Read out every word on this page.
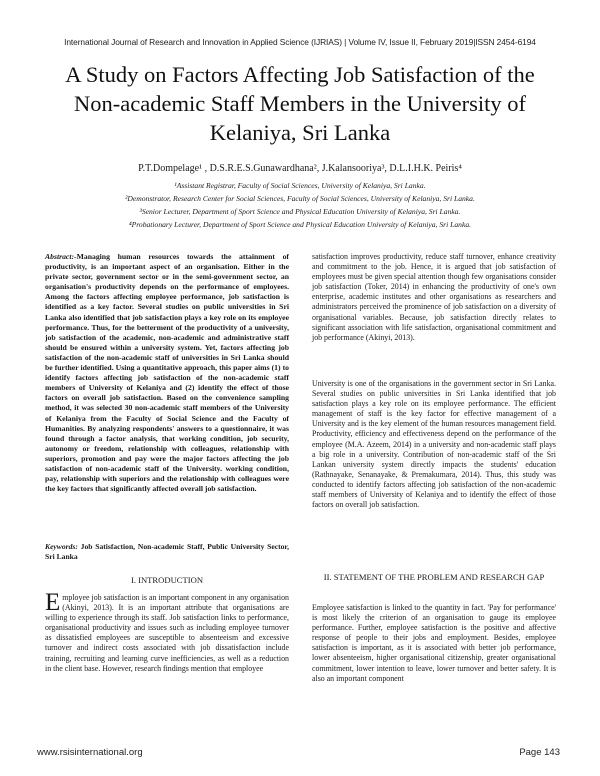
International Journal of Research and Innovation in Applied Science (IJRIAS) | Volume IV, Issue II, February 2019|ISSN 2454-6194
A Study on Factors Affecting Job Satisfaction of the Non-academic Staff Members in the University of Kelaniya, Sri Lanka
P.T.Dompelage¹ , D.S.R.E.S.Gunawardhana², J.Kalansooriya³, D.L.I.H.K. Peiris⁴
¹Assistant Registrar, Faculty of Social Sciences, University of Kelaniya, Sri Lanka.
²Demonstrator, Research Center for Social Sciences, Faculty of Social Sciences, University of Kelaniya, Sri Lanka.
³Senior Lecturer, Department of Sport Science and Physical Education University of Kelaniya, Sri Lanka.
⁴Probationary Lecturer, Department of Sport Science and Physical Education University of Kelaniya, Sri Lanka.

Abstract:-Managing human resources towards the attainment of productivity, is an important aspect of an organisation. Either in the private sector, government sector or in the semi-government sector, an organisation's productivity depends on the performance of employees. Among the factors affecting employee performance, job satisfaction is identified as a key factor. Several studies on public universities in Sri Lanka also identified that job satisfaction plays a key role on its employee performance. Thus, for the betterment of the productivity of a university, job satisfaction of the academic, non-academic and administrative staff should be ensured within a university system. Yet, factors affecting job satisfaction of the non-academic staff of universities in Sri Lanka should be further identified. Using a quantitative approach, this paper aims (1) to identify factors affecting job satisfaction of the non-academic staff members of University of Kelaniya and (2) identify the effect of those factors on overall job satisfaction. Based on the convenience sampling method, it was selected 30 non-academic staff members of the University of Kelaniya from the Faculty of Social Science and the Faculty of Humanities. By analyzing respondents' answers to a questionnaire, it was found through a factor analysis, that working condition, job security, autonomy or freedom, relationship with colleagues, relationship with superiors, promotion and pay were the major factors affecting the job satisfaction of non-academic staff of the University. working condition, pay, relationship with superiors and the relationship with colleagues were the key factors that significantly affected overall job satisfaction.

Keywords: Job Satisfaction, Non-academic Staff, Public University Sector, Sri Lanka

I. INTRODUCTION

Employee job satisfaction is an important component in any organisation (Akinyi, 2013). It is an important attribute that organisations are willing to experience through its staff. Job satisfaction links to performance, organisational productivity and issues such as including employee turnover as dissatisfied employees are susceptible to absenteeism and excessive turnover and indirect costs associated with job dissatisfaction include training, recruiting and learning curve inefficiencies, as well as a reduction in the client base. However, research findings mention that employee

satisfaction improves productivity, reduce staff turnover, enhance creativity and commitment to the job. Hence, it is argued that job satisfaction of employees must be given special attention though few organisations consider job satisfaction (Toker, 2014) in enhancing the productivity of one's own enterprise, academic institutes and other organisations as researchers and administrators perceived the prominence of job satisfaction on a diversity of organisational variables. Because, job satisfaction directly relates to significant association with life satisfaction, organisational commitment and job performance (Akinyi, 2013).
University is one of the organisations in the government sector in Sri Lanka. Several studies on public universities in Sri Lanka identified that job satisfaction plays a key role on its employee performance. The efficient management of staff is the key factor for effective management of a University and is the key element of the human resources management field. Productivity, efficiency and effectiveness depend on the performance of the employee (M.A. Azeem, 2014) in a university and non-academic staff plays a big role in a university. Contribution of non-academic staff of the Sri Lankan university system directly impacts the students' education (Rathnayake, Senanayake, & Premakumara, 2014). Thus, this study was conducted to identify factors affecting job satisfaction of the non-academic staff members of University of Kelaniya and to identify the effect of those factors on overall job satisfaction.
II. STATEMENT OF THE PROBLEM AND RESEARCH GAP
Employee satisfaction is linked to the quantity in fact. 'Pay for performance' is most likely the criterion of an organisation to gauge its employee performance. Further, employee satisfaction is the positive and affective response of people to their jobs and employment. Besides, employee satisfaction is important, as it is associated with better job performance, lower absenteeism, higher organisational citizenship, greater organisational commitment, lower intention to leave, lower turnover and better safety. It is also an important component
www.rsisinternational.org	Page 143
